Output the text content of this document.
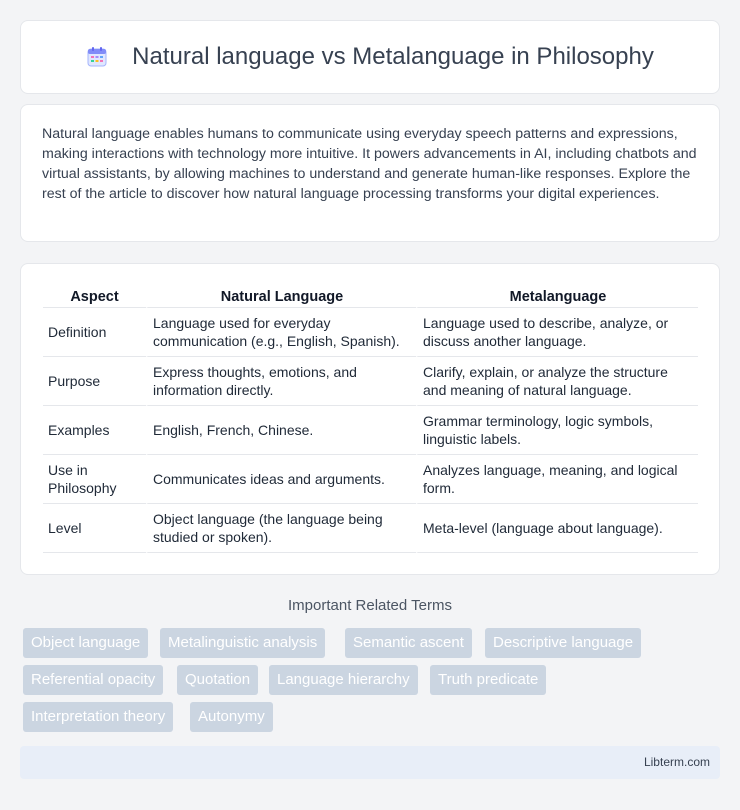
Natural language vs Metalanguage in Philosophy

Natural language enables humans to communicate using everyday speech patterns and expressions, making interactions with technology more intuitive. It powers advancements in AI, including chatbots and virtual assistants, by allowing machines to understand and generate human-like responses. Explore the rest of the article to discover how natural language processing transforms your digital experiences.

Aspect	Natural Language	Metalanguage
Definition	Language used for everyday communication (e.g., English, Spanish).	Language used to describe, analyze, or discuss another language.
Purpose	Express thoughts, emotions, and information directly.	Clarify, explain, or analyze the structure and meaning of natural language.
Examples	English, French, Chinese.	Grammar terminology, logic symbols, linguistic labels.
Use in Philosophy	Communicates ideas and arguments.	Analyzes language, meaning, and logical form.
Level	Object language (the language being studied or spoken).	Meta-level (language about language).
Important Related Terms
Object language	Metalinguistic analysis	Semantic ascent	Descriptive language
Referential opacity	Quotation	Language hierarchy	Truth predicate
Interpretation theory	Autonymy
Libterm.com
